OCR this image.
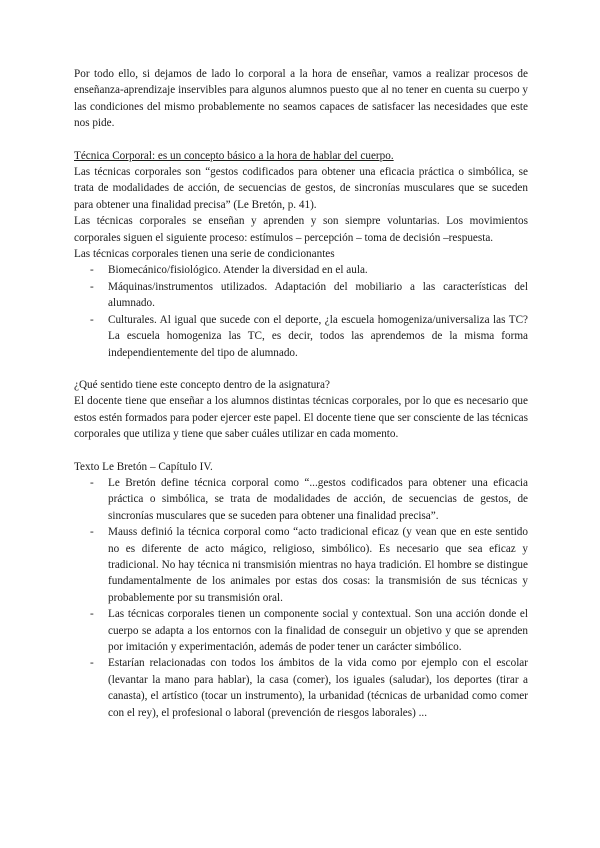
Por todo ello, si dejamos de lado lo corporal a la hora de enseñar, vamos a realizar procesos de enseñanza-aprendizaje inservibles para algunos alumnos puesto que al no tener en cuenta su cuerpo y las condiciones del mismo probablemente no seamos capaces de satisfacer las necesidades que este nos pide.

Técnica Corporal: es un concepto básico a la hora de hablar del cuerpo.

Las técnicas corporales son “gestos codificados para obtener una eficacia práctica o simbólica, se trata de modalidades de acción, de secuencias de gestos, de sincronías musculares que se suceden para obtener una finalidad precisa” (Le Bretón, p. 41).

Las técnicas corporales se enseñan y aprenden y son siempre voluntarias. Los movimientos corporales siguen el siguiente proceso: estímulos – percepción – toma de decisión –respuesta.

Las técnicas corporales tienen una serie de condicionantes

- Biomecánico/fisiológico. Atender la diversidad en el aula.
- Máquinas/instrumentos utilizados. Adaptación del mobiliario a las características del alumnado.
- Culturales. Al igual que sucede con el deporte, ¿la escuela homogeniza/universaliza las TC? La escuela homogeniza las TC, es decir, todos las aprendemos de la misma forma independientemente del tipo de alumnado.

¿Qué sentido tiene este concepto dentro de la asignatura?

El docente tiene que enseñar a los alumnos distintas técnicas corporales, por lo que es necesario que estos estén formados para poder ejercer este papel. El docente tiene que ser consciente de las técnicas corporales que utiliza y tiene que saber cuáles utilizar en cada momento.

Texto Le Bretón – Capítulo IV.

- Le Bretón define técnica corporal como “...gestos codificados para obtener una eficacia práctica o simbólica, se trata de modalidades de acción, de secuencias de gestos, de sincronías musculares que se suceden para obtener una finalidad precisa”.
- Mauss definió la técnica corporal como “acto tradicional eficaz (y vean que en este sentido no es diferente de acto mágico, religioso, simbólico). Es necesario que sea eficaz y tradicional. No hay técnica ni transmisión mientras no haya tradición. El hombre se distingue fundamentalmente de los animales por estas dos cosas: la transmisión de sus técnicas y probablemente por su transmisión oral.
- Las técnicas corporales tienen un componente social y contextual. Son una acción donde el cuerpo se adapta a los entornos con la finalidad de conseguir un objetivo y que se aprenden por imitación y experimentación, además de poder tener un carácter simbólico.
- Estarían relacionadas con todos los ámbitos de la vida como por ejemplo con el escolar (levantar la mano para hablar), la casa (comer), los iguales (saludar), los deportes (tirar a canasta), el artístico (tocar un instrumento), la urbanidad (técnicas de urbanidad como comer con el rey), el profesional o laboral (prevención de riesgos laborales) ...
